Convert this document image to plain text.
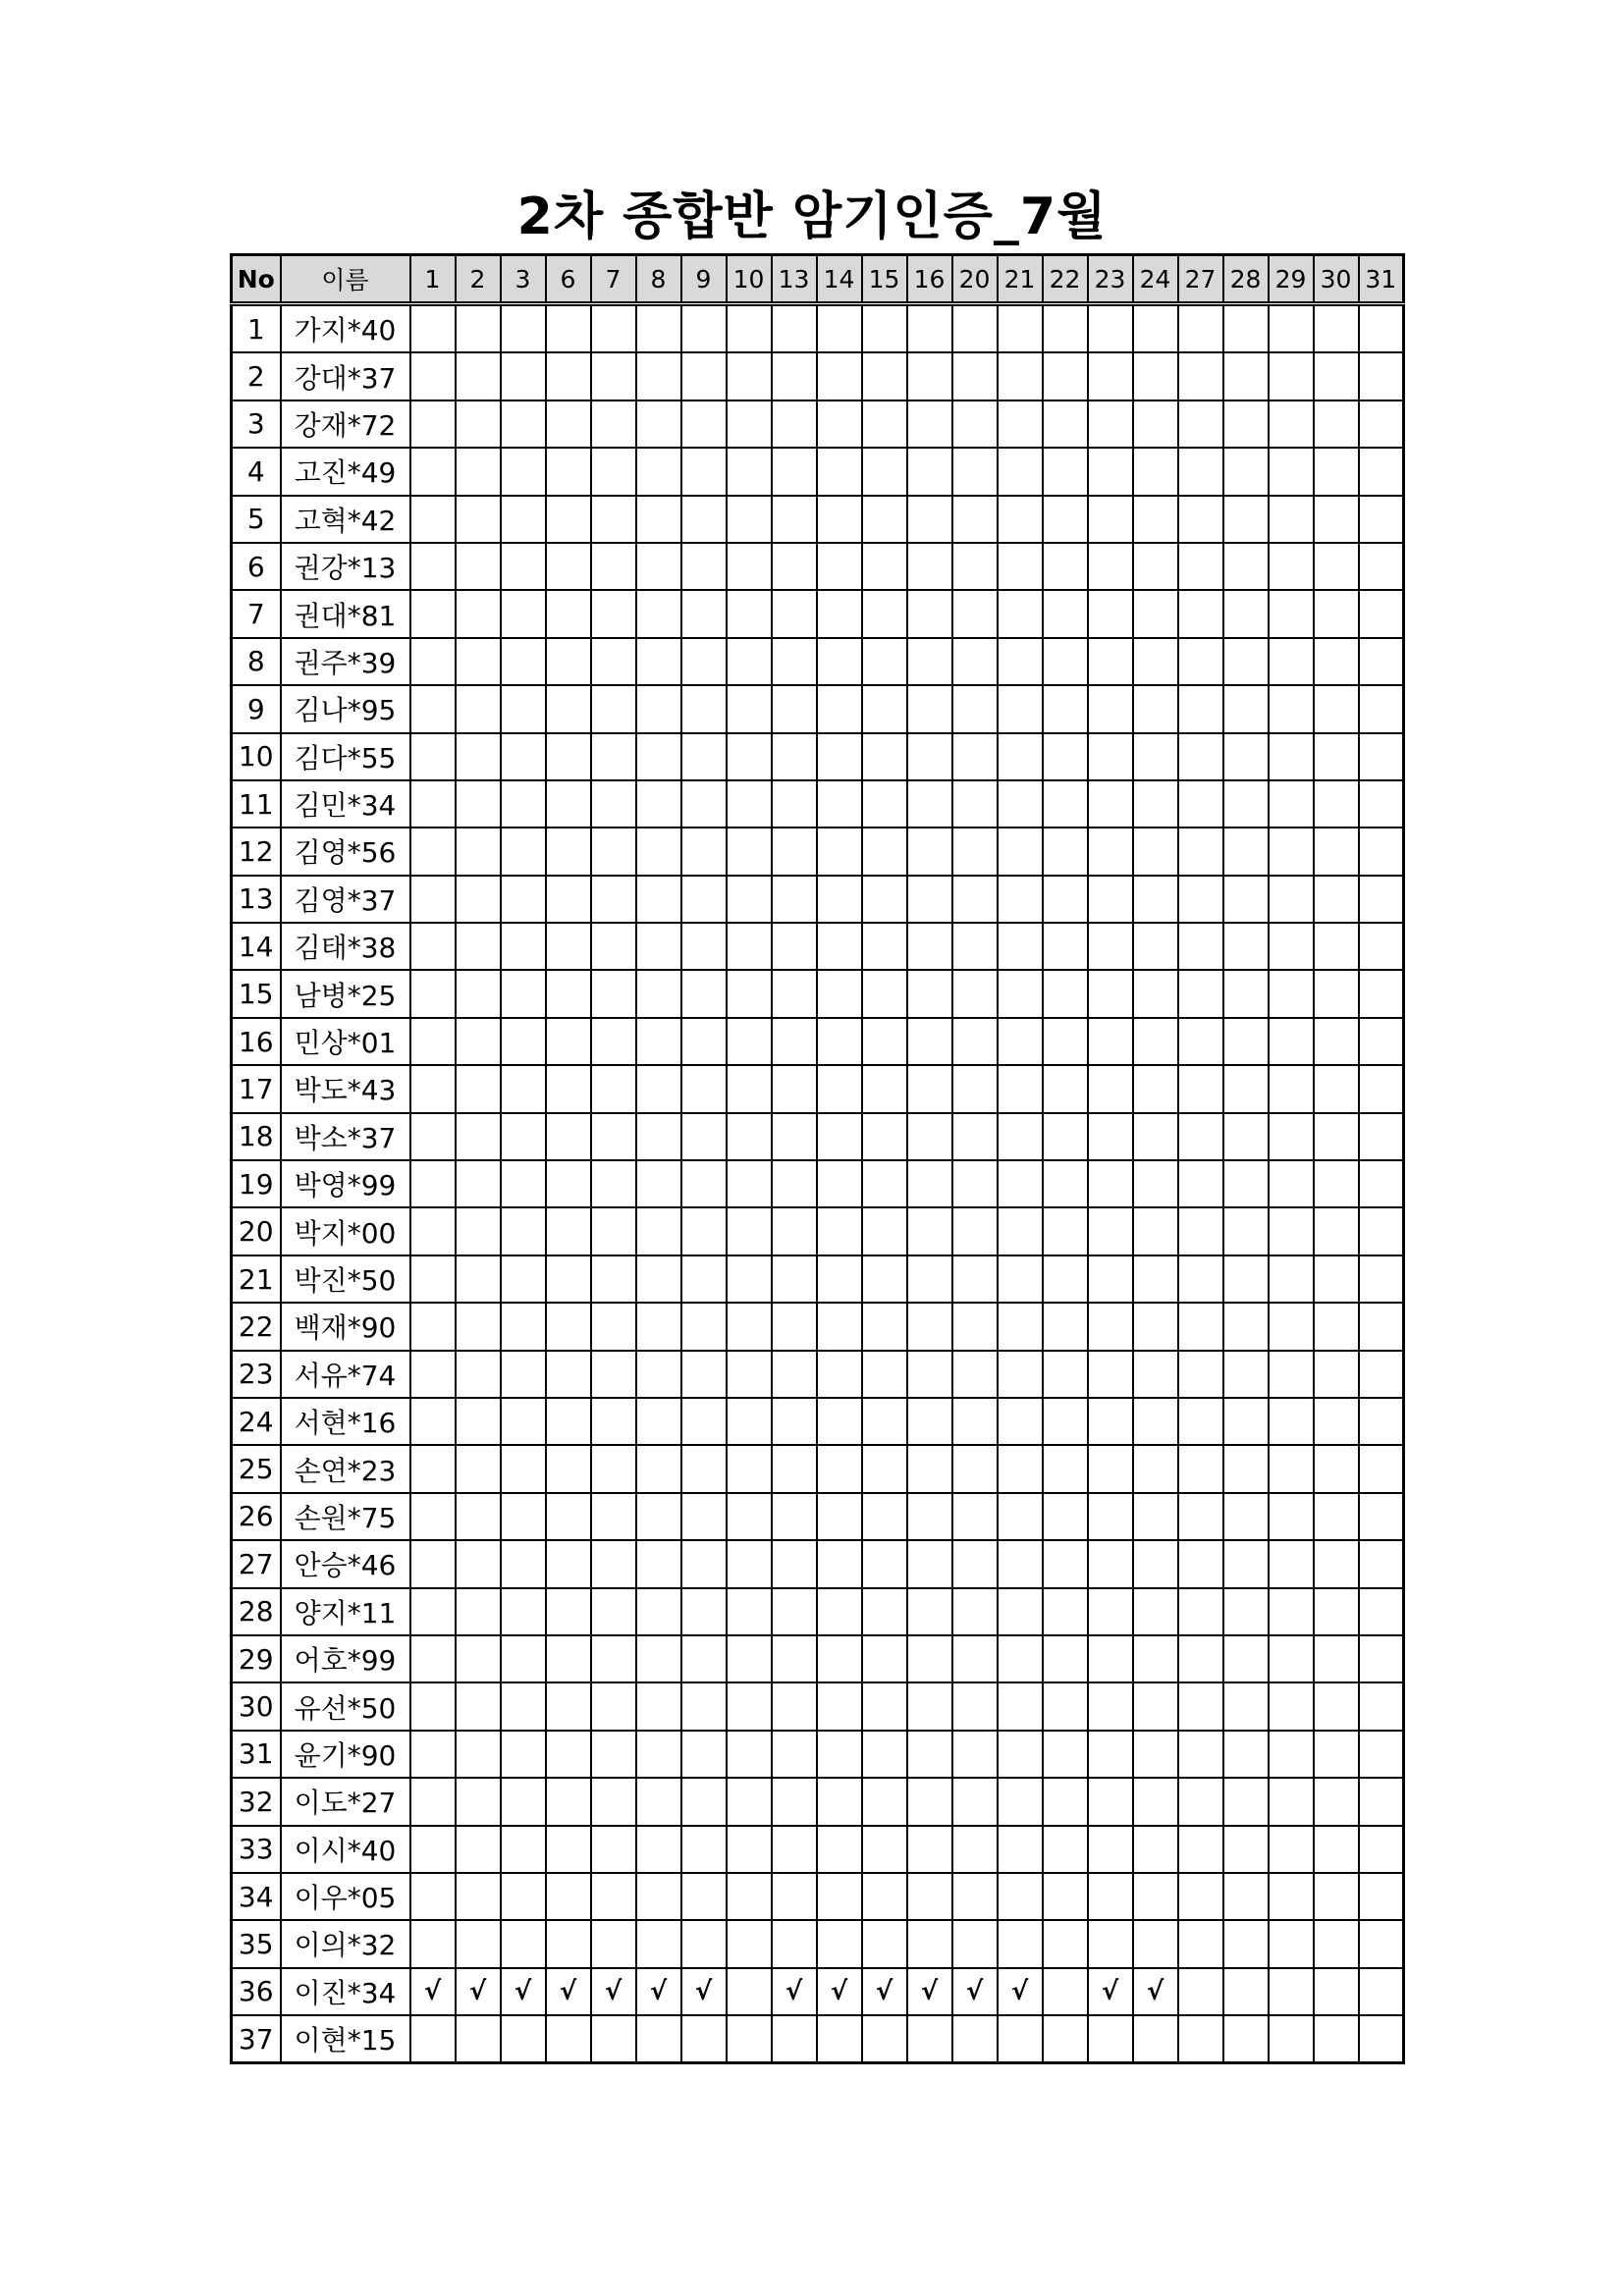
2차 종합반 암기인증_7월
No	이름	1	2	3	6	7	8	9	10	13	14	15	16	20	21	22	23	24	27	28	29	30	31
1	가지*40																						
2	강대*37																						
3	강재*72																						
4	고진*49																						
5	고혁*42																						
6	권강*13																						
7	권대*81																						
8	권주*39																						
9	김나*95																						
10	김다*55																						
11	김민*34																						
12	김영*56																						
13	김영*37																						
14	김태*38																						
15	남병*25																						
16	민상*01																						
17	박도*43																						
18	박소*37																						
19	박영*99																						
20	박지*00																						
21	박진*50																						
22	백재*90																						
23	서유*74																						
24	서현*16																						
25	손연*23																						
26	손원*75																						
27	안승*46																						
28	양지*11																						
29	어호*99																						
30	유선*50																						
31	윤기*90																						
32	이도*27																						
33	이시*40																						
34	이우*05																						
35	이의*32																						
36	이진*34	√	√	√	√	√	√	√		√	√	√	√	√	√		√	√					
37	이현*15																						
